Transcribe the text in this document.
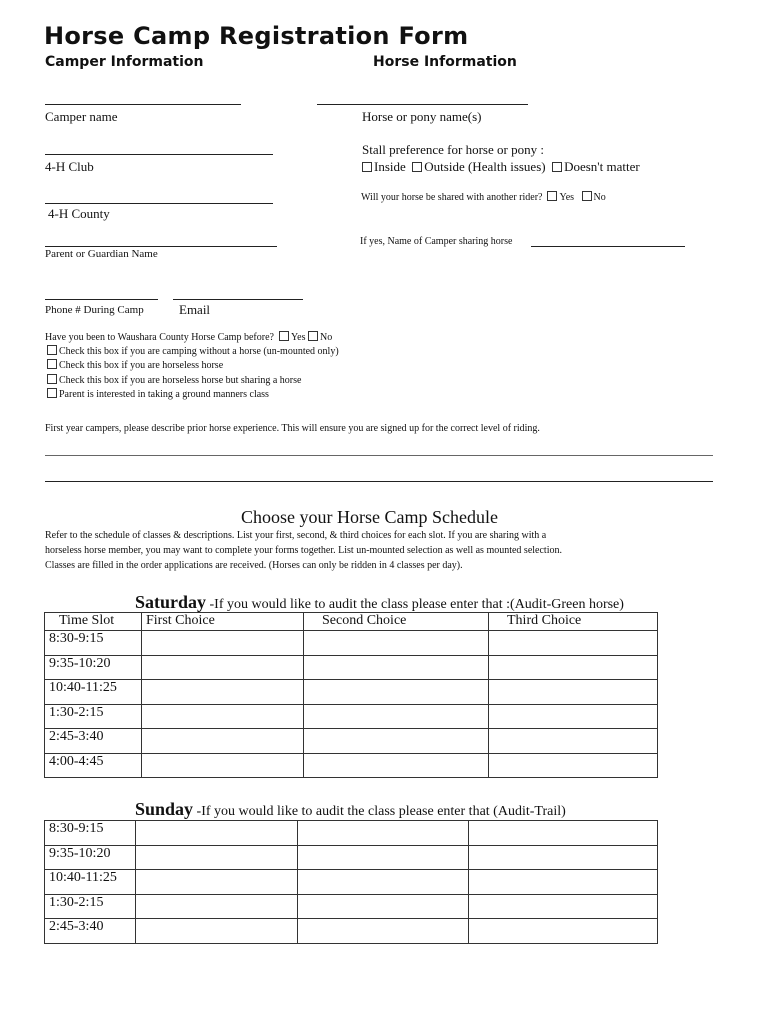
Horse Camp Registration Form
Camper Information	Horse Information
Camper name
4-H Club
4-H County
Parent or Guardian Name
Phone # During Camp	Email
Horse or pony name(s)
Stall preference for horse or pony :
Inside Outside (Health issues) Doesn't matter
Will your horse be shared with another rider? Yes No
If yes, Name of Camper sharing horse
Have you been to Waushara County Horse Camp before? Yes No
Check this box if you are camping without a horse (un-mounted only)
Check this box if you are horseless horse
Check this box if you are horseless horse but sharing a horse
Parent is interested in taking a ground manners class
First year campers, please describe prior horse experience. This will ensure you are signed up for the correct level of riding.
Choose your Horse Camp Schedule
Refer to the schedule of classes & descriptions. List your first, second, & third choices for each slot. If you are sharing with a
horseless horse member, you may want to complete your forms together. List un-mounted selection as well as mounted selection.
Classes are filled in the order applications are received. (Horses can only be ridden in 4 classes per day).
Saturday -If you would like to audit the class please enter that :(Audit-Green horse)
Time Slot	First Choice	Second Choice	Third Choice
8:30-9:15			
9:35-10:20			
10:40-11:25			
1:30-2:15			
2:45-3:40			
4:00-4:45			
Sunday -If you would like to audit the class please enter that (Audit-Trail)
8:30-9:15			
9:35-10:20			
10:40-11:25			
1:30-2:15			
2:45-3:40			
